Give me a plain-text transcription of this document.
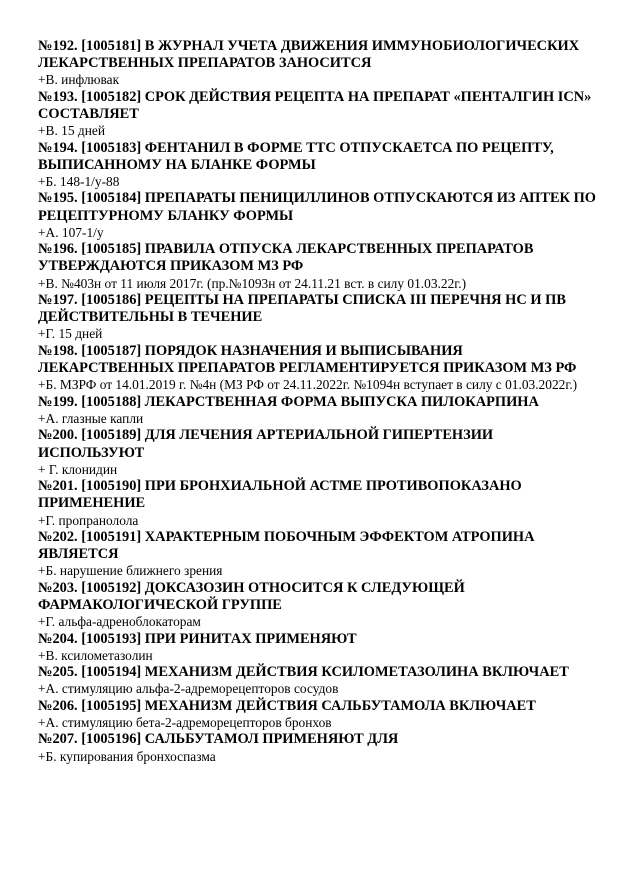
№192. [1005181] В ЖУРНАЛ УЧЕТА ДВИЖЕНИЯ ИММУНОБИОЛОГИЧЕСКИХ ЛЕКАРСТВЕННЫХ ПРЕПАРАТОВ ЗАНОСИТСЯ

+В. инфлювак

№193. [1005182] СРОК ДЕЙСТВИЯ РЕЦЕПТА НА ПРЕПАРАТ «ПЕНТАЛГИН ICN» СОСТАВЛЯЕТ

+В. 15 дней

№194. [1005183] ФЕНТАНИЛ В ФОРМЕ ТТС ОТПУСКАЕТСА ПО РЕЦЕПТУ, ВЫПИСАННОМУ НА БЛАНКЕ ФОРМЫ

+Б. 148-1/у-88

№195. [1005184] ПРЕПАРАТЫ ПЕНИЦИЛЛИНОВ ОТПУСКАЮТСЯ ИЗ АПТЕК ПО РЕЦЕПТУРНОМУ БЛАНКУ ФОРМЫ

+А. 107-1/у

№196. [1005185] ПРАВИЛА ОТПУСКА ЛЕКАРСТВЕННЫХ ПРЕПАРАТОВ УТВЕРЖДАЮТСЯ ПРИКАЗОМ МЗ РФ

+В. №403н от 11 июля 2017г. (пр.№1093н от 24.11.21 вст. в силу 01.03.22г.)

№197. [1005186] РЕЦЕПТЫ НА ПРЕПАРАТЫ СПИСКА III ПЕРЕЧНЯ НС И ПВ ДЕЙСТВИТЕЛЬНЫ В ТЕЧЕНИЕ

+Г. 15 дней

№198. [1005187] ПОРЯДОК НАЗНАЧЕНИЯ И ВЫПИСЫВАНИЯ ЛЕКАРСТВЕННЫХ ПРЕПАРАТОВ РЕГЛАМЕНТИРУЕТСЯ ПРИКАЗОМ МЗ РФ

+Б. МЗРФ от 14.01.2019 г. №4н (МЗ РФ от 24.11.2022г. №1094н вступает в силу с 01.03.2022г.)

№199. [1005188] ЛЕКАРСТВЕННАЯ ФОРМА ВЫПУСКА ПИЛОКАРПИНА

+А. глазные капли

№200. [1005189] ДЛЯ ЛЕЧЕНИЯ АРТЕРИАЛЬНОЙ ГИПЕРТЕНЗИИ ИСПОЛЬЗУЮТ

+ Г. клонидин

№201. [1005190] ПРИ БРОНХИАЛЬНОЙ АСТМЕ ПРОТИВОПОКАЗАНО ПРИМЕНЕНИЕ

+Г. пропранолола

№202. [1005191] ХАРАКТЕРНЫМ ПОБОЧНЫМ ЭФФЕКТОМ АТРОПИНА ЯВЛЯЕТСЯ

+Б. нарушение ближнего зрения

№203. [1005192] ДОКСАЗОЗИН ОТНОСИТСЯ К СЛЕДУЮЩЕЙ ФАРМАКОЛОГИЧЕСКОЙ ГРУППЕ

+Г. альфа-адреноблокаторам

№204. [1005193] ПРИ РИНИТАХ ПРИМЕНЯЮТ

+В. ксилометазолин

№205. [1005194] МЕХАНИЗМ ДЕЙСТВИЯ КСИЛОМЕТАЗОЛИНА ВКЛЮЧАЕТ

+А. стимуляцию альфа-2-адреморецепторов сосудов

№206. [1005195] МЕХАНИЗМ ДЕЙСТВИЯ САЛЬБУТАМОЛА ВКЛЮЧАЕТ

+А. стимуляцию бета-2-адреморецепторов бронхов

№207. [1005196] САЛЬБУТАМОЛ ПРИМЕНЯЮТ ДЛЯ

+Б. купирования бронхоспазма
